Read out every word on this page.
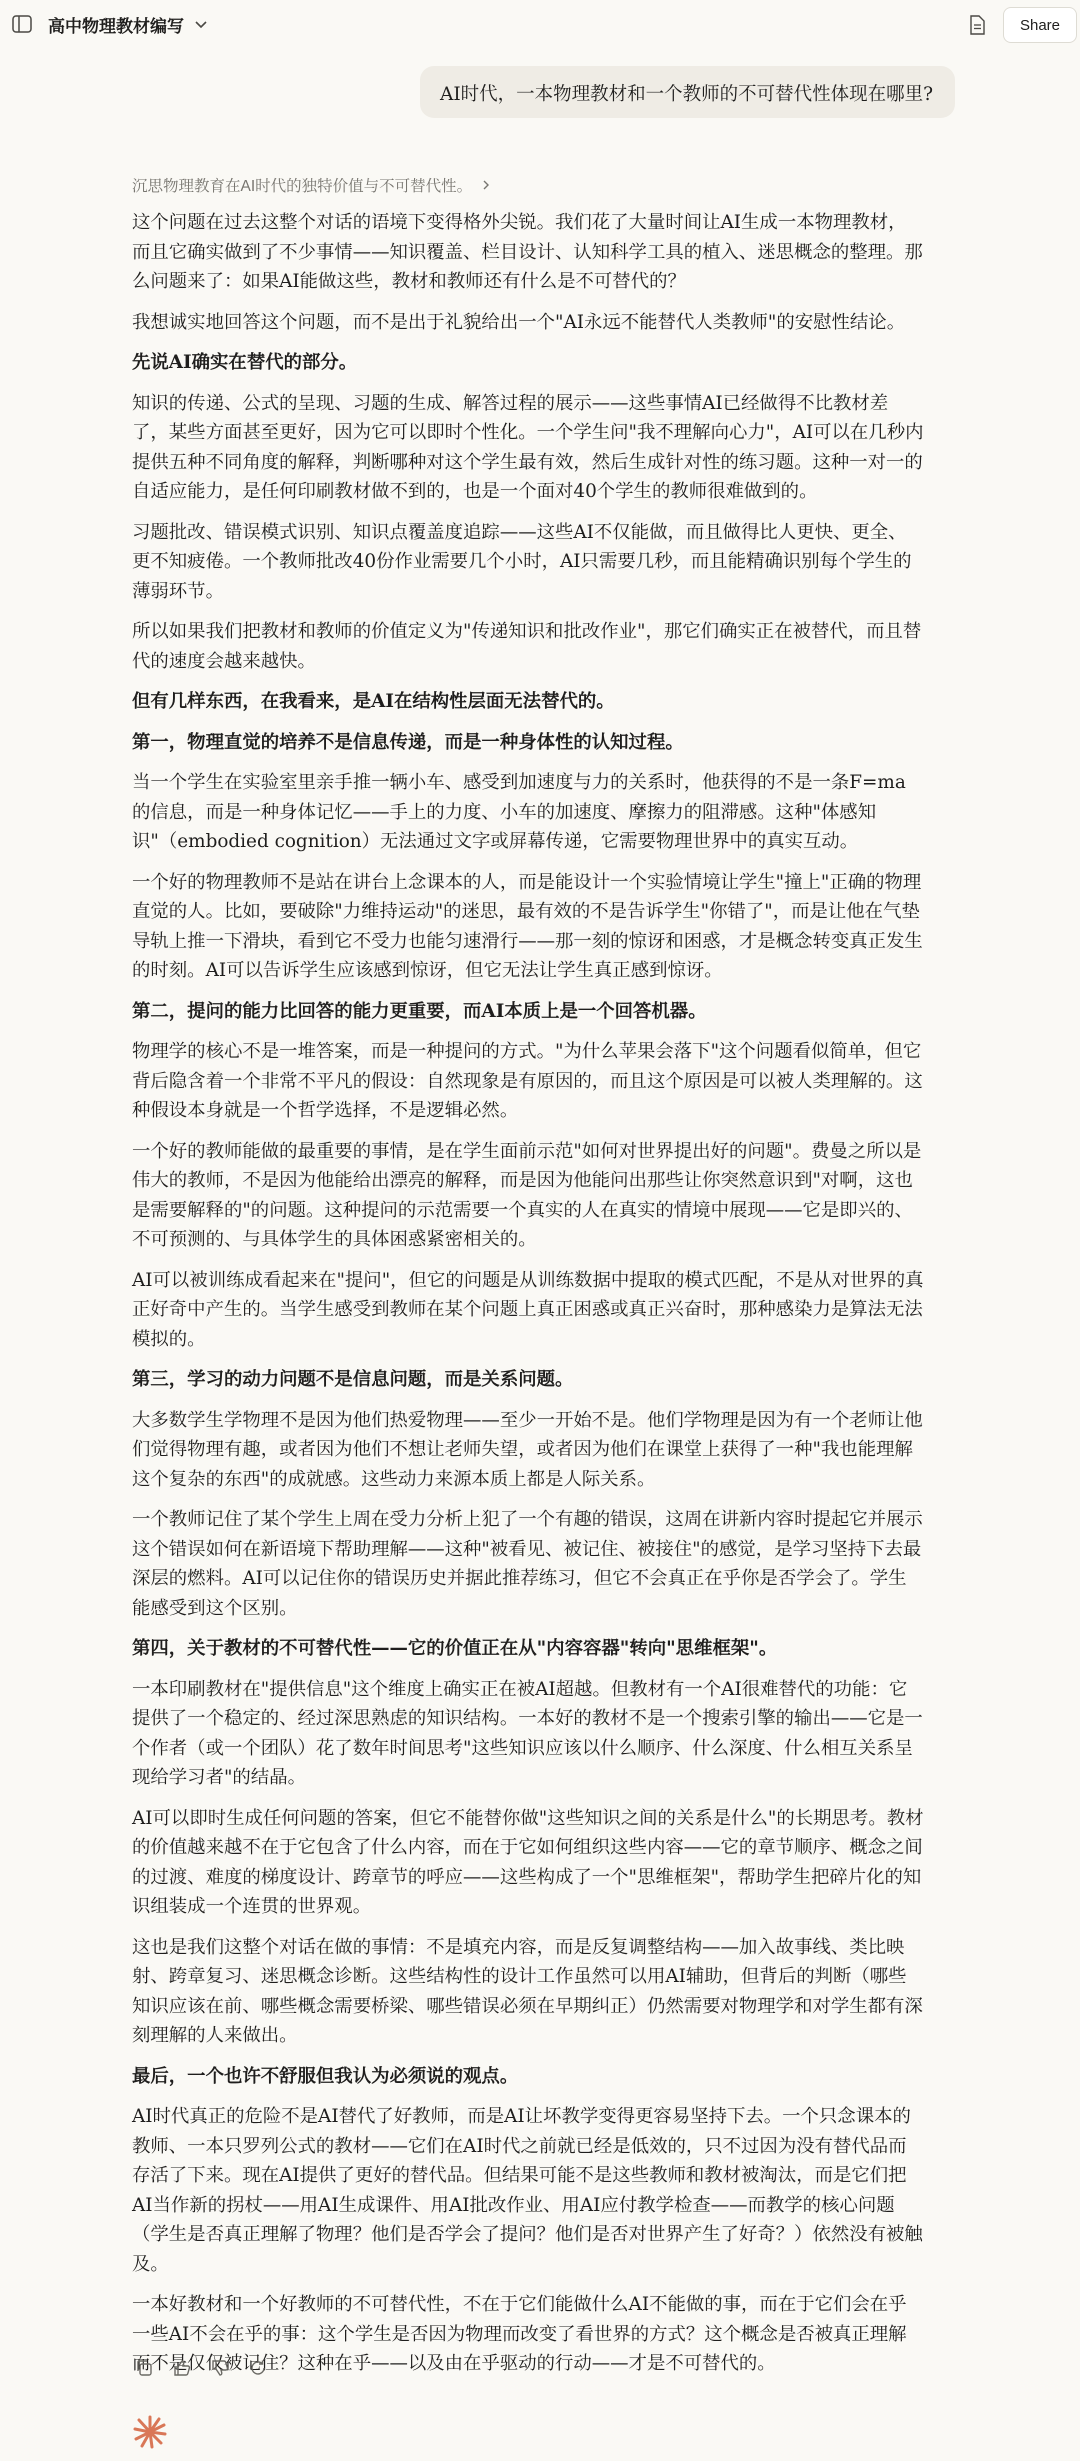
高中物理教材编写	Share
AI时代，一本物理教材和一个教师的不可替代性体现在哪里?
沉思物理教育在AI时代的独特价值与不可替代性。

这个问题在过去这整个对话的语境下变得格外尖锐。我们花了大量时间让AI生成一本物理教材，而且它确实做到了不少事情——知识覆盖、栏目设计、认知科学工具的植入、迷思概念的整理。那么问题来了：如果AI能做这些，教材和教师还有什么是不可替代的？

我想诚实地回答这个问题，而不是出于礼貌给出一个"AI永远不能替代人类教师"的安慰性结论。

先说AI确实在替代的部分。

知识的传递、公式的呈现、习题的生成、解答过程的展示——这些事情AI已经做得不比教材差了，某些方面甚至更好，因为它可以即时个性化。一个学生问"我不理解向心力"，AI可以在几秒内提供五种不同角度的解释，判断哪种对这个学生最有效，然后生成针对性的练习题。这种一对一的自适应能力，是任何印刷教材做不到的，也是一个面对40个学生的教师很难做到的。

习题批改、错误模式识别、知识点覆盖度追踪——这些AI不仅能做，而且做得比人更快、更全、更不知疲倦。一个教师批改40份作业需要几个小时，AI只需要几秒，而且能精确识别每个学生的薄弱环节。

所以如果我们把教材和教师的价值定义为"传递知识和批改作业"，那它们确实正在被替代，而且替代的速度会越来越快。

但有几样东西，在我看来，是AI在结构性层面无法替代的。

第一，物理直觉的培养不是信息传递，而是一种身体性的认知过程。

当一个学生在实验室里亲手推一辆小车、感受到加速度与力的关系时，他获得的不是一条F=ma的信息，而是一种身体记忆——手上的力度、小车的加速度、摩擦力的阻滞感。这种"体感知识"（embodied cognition）无法通过文字或屏幕传递，它需要物理世界中的真实互动。

一个好的物理教师不是站在讲台上念课本的人，而是能设计一个实验情境让学生"撞上"正确的物理直觉的人。比如，要破除"力维持运动"的迷思，最有效的不是告诉学生"你错了"，而是让他在气垫导轨上推一下滑块，看到它不受力也能匀速滑行——那一刻的惊讶和困惑，才是概念转变真正发生的时刻。AI可以告诉学生应该感到惊讶，但它无法让学生真正感到惊讶。

第二，提问的能力比回答的能力更重要，而AI本质上是一个回答机器。

物理学的核心不是一堆答案，而是一种提问的方式。"为什么苹果会落下"这个问题看似简单，但它背后隐含着一个非常不平凡的假设：自然现象是有原因的，而且这个原因是可以被人类理解的。这种假设本身就是一个哲学选择，不是逻辑必然。

一个好的教师能做的最重要的事情，是在学生面前示范"如何对世界提出好的问题"。费曼之所以是伟大的教师，不是因为他能给出漂亮的解释，而是因为他能问出那些让你突然意识到"对啊，这也是需要解释的"的问题。这种提问的示范需要一个真实的人在真实的情境中展现——它是即兴的、不可预测的、与具体学生的具体困惑紧密相关的。

AI可以被训练成看起来在"提问"，但它的问题是从训练数据中提取的模式匹配，不是从对世界的真正好奇中产生的。当学生感受到教师在某个问题上真正困惑或真正兴奋时，那种感染力是算法无法模拟的。

第三，学习的动力问题不是信息问题，而是关系问题。

大多数学生学物理不是因为他们热爱物理——至少一开始不是。他们学物理是因为有一个老师让他们觉得物理有趣，或者因为他们不想让老师失望，或者因为他们在课堂上获得了一种"我也能理解这个复杂的东西"的成就感。这些动力来源本质上都是人际关系。

一个教师记住了某个学生上周在受力分析上犯了一个有趣的错误，这周在讲新内容时提起它并展示这个错误如何在新语境下帮助理解——这种"被看见、被记住、被接住"的感觉，是学习坚持下去最深层的燃料。AI可以记住你的错误历史并据此推荐练习，但它不会真正在乎你是否学会了。学生能感受到这个区别。

第四，关于教材的不可替代性——它的价值正在从"内容容器"转向"思维框架"。

一本印刷教材在"提供信息"这个维度上确实正在被AI超越。但教材有一个AI很难替代的功能：它提供了一个稳定的、经过深思熟虑的知识结构。一本好的教材不是一个搜索引擎的输出——它是一个作者（或一个团队）花了数年时间思考"这些知识应该以什么顺序、什么深度、什么相互关系呈现给学习者"的结晶。

AI可以即时生成任何问题的答案，但它不能替你做"这些知识之间的关系是什么"的长期思考。教材的价值越来越不在于它包含了什么内容，而在于它如何组织这些内容——它的章节顺序、概念之间的过渡、难度的梯度设计、跨章节的呼应——这些构成了一个"思维框架"，帮助学生把碎片化的知识组装成一个连贯的世界观。

这也是我们这整个对话在做的事情：不是填充内容，而是反复调整结构——加入故事线、类比映射、跨章复习、迷思概念诊断。这些结构性的设计工作虽然可以用AI辅助，但背后的判断（哪些知识应该在前、哪些概念需要桥梁、哪些错误必须在早期纠正）仍然需要对物理学和对学生都有深刻理解的人来做出。

最后，一个也许不舒服但我认为必须说的观点。

AI时代真正的危险不是AI替代了好教师，而是AI让坏教学变得更容易坚持下去。一个只念课本的教师、一本只罗列公式的教材——它们在AI时代之前就已经是低效的，只不过因为没有替代品而存活了下来。现在AI提供了更好的替代品。但结果可能不是这些教师和教材被淘汰，而是它们把AI当作新的拐杖——用AI生成课件、用AI批改作业、用AI应付教学检查——而教学的核心问题（学生是否真正理解了物理？他们是否学会了提问？他们是否对世界产生了好奇？）依然没有被触及。

一本好教材和一个好教师的不可替代性，不在于它们能做什么AI不能做的事，而在于它们会在乎一些AI不会在乎的事：这个学生是否因为物理而改变了看世界的方式？这个概念是否被真正理解而不是仅仅被记住？这种在乎——以及由在乎驱动的行动——才是不可替代的。
